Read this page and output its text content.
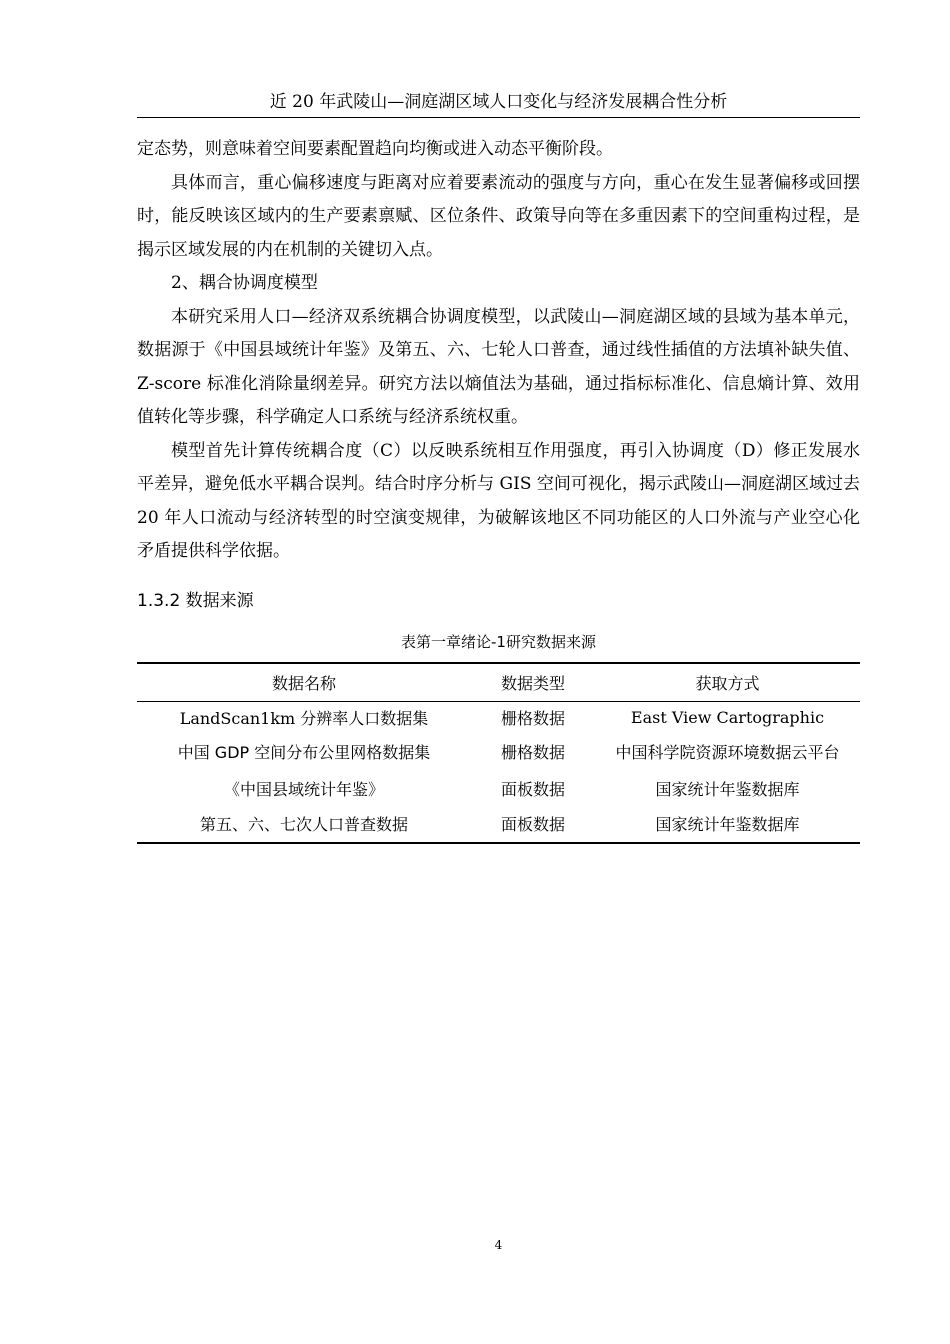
近 20 年武陵山—洞庭湖区域人口变化与经济发展耦合性分析

定态势，则意味着空间要素配置趋向均衡或进入动态平衡阶段。

具体而言，重心偏移速度与距离对应着要素流动的强度与方向，重心在发生显著偏移或回摆时，能反映该区域内的生产要素禀赋、区位条件、政策导向等在多重因素下的空间重构过程，是揭示区域发展的内在机制的关键切入点。

2、耦合协调度模型

本研究采用人口—经济双系统耦合协调度模型，以武陵山—洞庭湖区域的县域为基本单元，数据源于《中国县域统计年鉴》及第五、六、七轮人口普查，通过线性插值的方法填补缺失值、Z-score 标准化消除量纲差异。研究方法以熵值法为基础，通过指标标准化、信息熵计算、效用值转化等步骤，科学确定人口系统与经济系统权重。

模型首先计算传统耦合度（C）以反映系统相互作用强度，再引入协调度（D）修正发展水平差异，避免低水平耦合误判。结合时序分析与 GIS 空间可视化，揭示武陵山—洞庭湖区域过去 20 年人口流动与经济转型的时空演变规律，为破解该地区不同功能区的人口外流与产业空心化矛盾提供科学依据。

1.3.2 数据来源
表第一章绪论-1研究数据来源
数据名称	数据类型	获取方式
LandScan1km 分辨率人口数据集	栅格数据	East View Cartographic
中国 GDP 空间分布公里网格数据集	栅格数据	中国科学院资源环境数据云平台
《中国县域统计年鉴》	面板数据	国家统计年鉴数据库
第五、六、七次人口普查数据	面板数据	国家统计年鉴数据库
4
